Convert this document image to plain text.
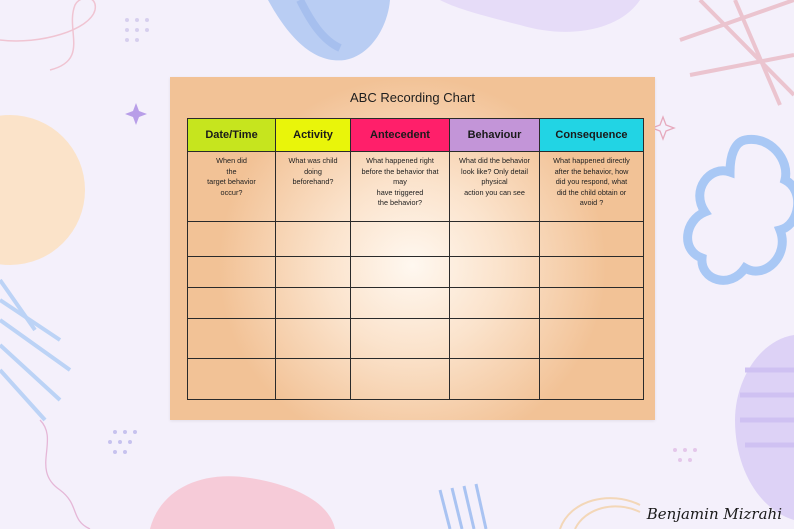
ABC Recording Chart
Date/Time	Activity	Antecedent	Behaviour	Consequence
When did
the
target behavior
occur?	What was child
doing
beforehand?	What happened right
before the behavior that
may
have triggered
the behavior?	What did the behavior
look like? Only detail
physical
action you can see	What happened directly
after the behavior, how
did you respond, what
did the child obtain or
avoid ?

Benjamin Mizrahi
